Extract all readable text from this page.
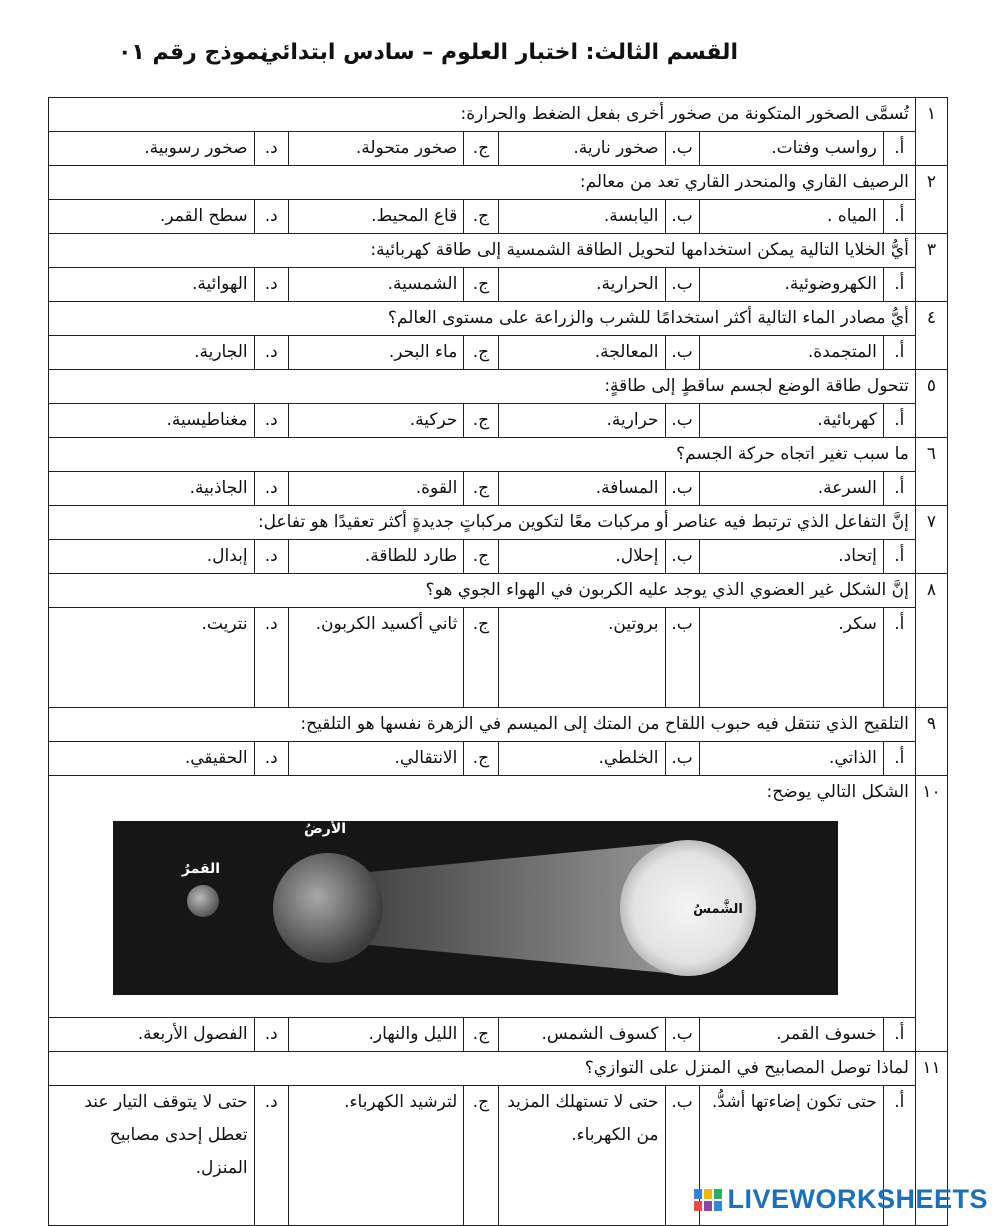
القسم الثالث: اختبار العلوم – سادس ابتدائي
نموذج رقم ٠١
١	تُسمَّى الصخور المتكونة من صخور أخرى بفعل الضغط والحرارة:							

	أ.	رواسب وفتات.	ب.	صخور نارية.	ج.	صخور متحولة.	د.	صخور رسوبية.
٢	الرصيف القاري والمنحدر القاري تعد من معالم:							

	أ.	المياه .	ب.	اليابسة.	ج.	قاع المحيط.	د.	سطح القمر.
٣	أيُّ الخلايا التالية يمكن استخدامها لتحويل الطاقة الشمسية إلى طاقة كهربائية:							

	أ.	الكهروضوئية.	ب.	الحرارية.	ج.	الشمسية.	د.	الهوائية.
٤	أيُّ مصادر الماء التالية أكثر استخدامًا للشرب والزراعة على مستوى العالم؟							

	أ.	المتجمدة.	ب.	المعالجة.	ج.	ماء البحر.	د.	الجارية.
٥	تتحول طاقة الوضع لجسم ساقطٍ إلى طاقةٍ:							

	أ.	كهربائية.	ب.	حرارية.	ج.	حركية.	د.	مغناطيسية.
٦	ما سبب تغير اتجاه حركة الجسم؟							

	أ.	السرعة.	ب.	المسافة.	ج.	القوة.	د.	الجاذبية.
٧	إنَّ التفاعل الذي ترتبط فيه عناصر أو مركبات معًا لتكوين مركباتٍ جديدةٍ أكثر تعقيدًا هو تفاعل:							

	أ.	إتحاد.	ب.	إحلال.	ج.	طارد للطاقة.	د.	إبدال.
٨	إنَّ الشكل غير العضوي الذي يوجد عليه الكربون في الهواء الجوي هو؟							

	أ.	سكر.	ب.	بروتين.	ج.	ثاني أكسيد الكربون.	د.	نتريت.
٩	التلقيح الذي تنتقل فيه حبوب اللقاح من المتك إلى الميسم في الزهرة نفسها هو التلقيح:							

	أ.	الذاتي.	ب.	الخلطي.	ج.	الانتقالي.	د.	الحقيقي.
١٠	الشكل التالي يوضح:
القمرُ
الأرضُ
الشَّمسُ							

	أ.	خسوف القمر.	ب.	كسوف الشمس.	ج.	الليل والنهار.	د.	الفصول الأربعة.
١١	لماذا توصل المصابيح في المنزل على التوازي؟							

	أ.	حتى تكون إضاءتها أشدُّ.	ب.	حتى لا تستهلك المزيد من الكهرباء.	ج.	لترشيد الكهرباء.	د.	حتى لا يتوقف التيار عند تعطل إحدى مصابيح المنزل.
LIVEWORKSHEETS
